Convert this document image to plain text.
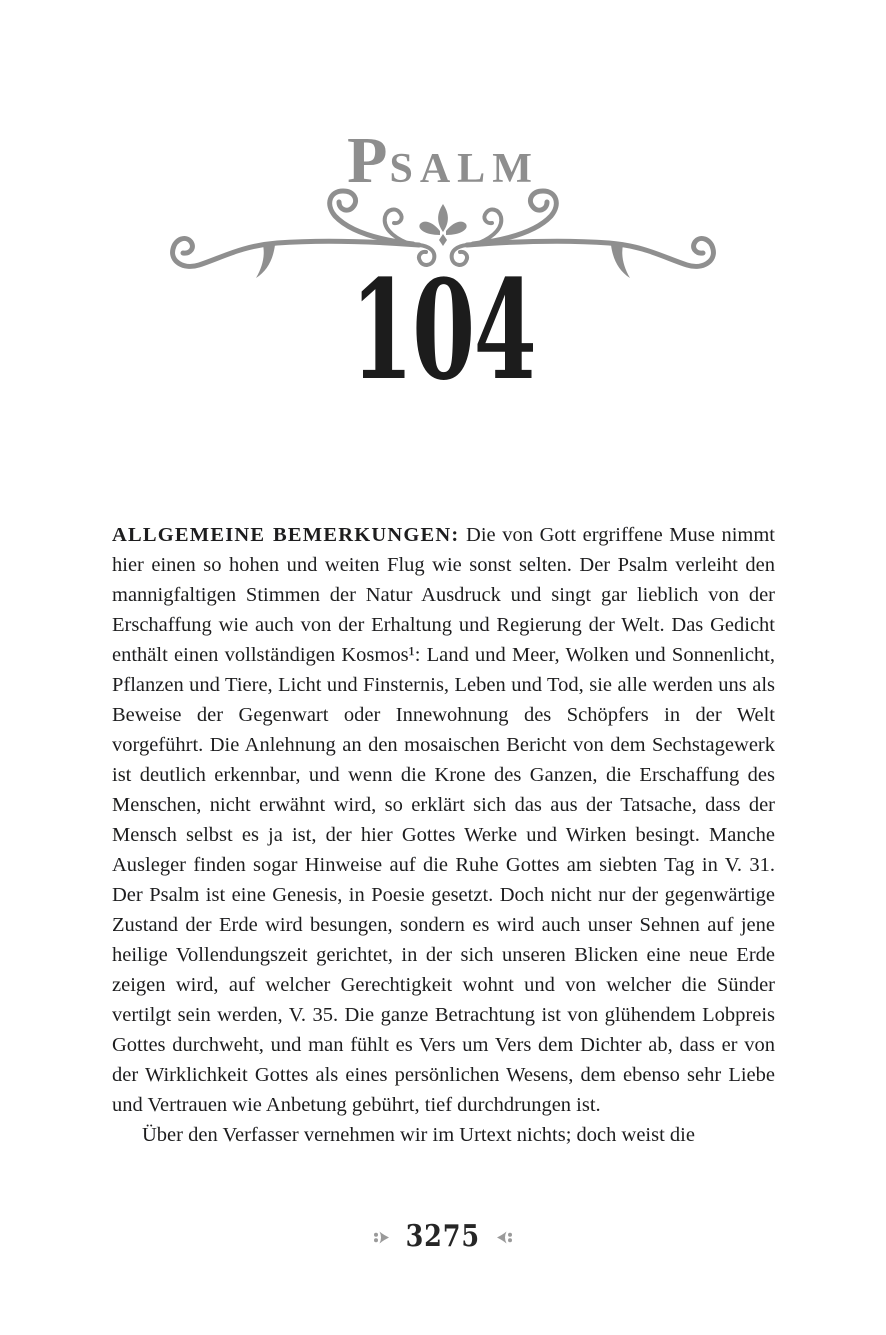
PSALM
104

ALLGEMEINE BEMERKUNGEN: Die von Gott ergriffene Muse nimmt hier einen so hohen und weiten Flug wie sonst selten. Der Psalm verleiht den mannigfaltigen Stimmen der Natur Ausdruck und singt gar lieblich von der Erschaffung wie auch von der Erhaltung und Regierung der Welt. Das Gedicht enthält einen vollständigen Kosmos¹: Land und Meer, Wolken und Sonnenlicht, Pflanzen und Tiere, Licht und Finsternis, Leben und Tod, sie alle werden uns als Beweise der Gegenwart oder Innewohnung des Schöpfers in der Welt vorgeführt. Die Anlehnung an den mosaischen Bericht von dem Sechstagewerk ist deutlich erkennbar, und wenn die Krone des Ganzen, die Erschaffung des Menschen, nicht erwähnt wird, so erklärt sich das aus der Tatsache, dass der Mensch selbst es ja ist, der hier Gottes Werke und Wirken besingt. Manche Ausleger finden sogar Hinweise auf die Ruhe Gottes am siebten Tag in V. 31. Der Psalm ist eine Genesis, in Poesie gesetzt. Doch nicht nur der gegenwärtige Zustand der Erde wird besungen, sondern es wird auch unser Sehnen auf jene heilige Vollendungszeit gerichtet, in der sich unseren Blicken eine neue Erde zeigen wird, auf welcher Gerechtigkeit wohnt und von welcher die Sünder vertilgt sein werden, V. 35. Die ganze Betrachtung ist von glühendem Lobpreis Gottes durchweht, und man fühlt es Vers um Vers dem Dichter ab, dass er von der Wirklichkeit Gottes als eines persönlichen Wesens, dem ebenso sehr Liebe und Vertrauen wie Anbetung gebührt, tief durchdrungen ist.

Über den Verfasser vernehmen wir im Urtext nichts; doch weist die

3275
